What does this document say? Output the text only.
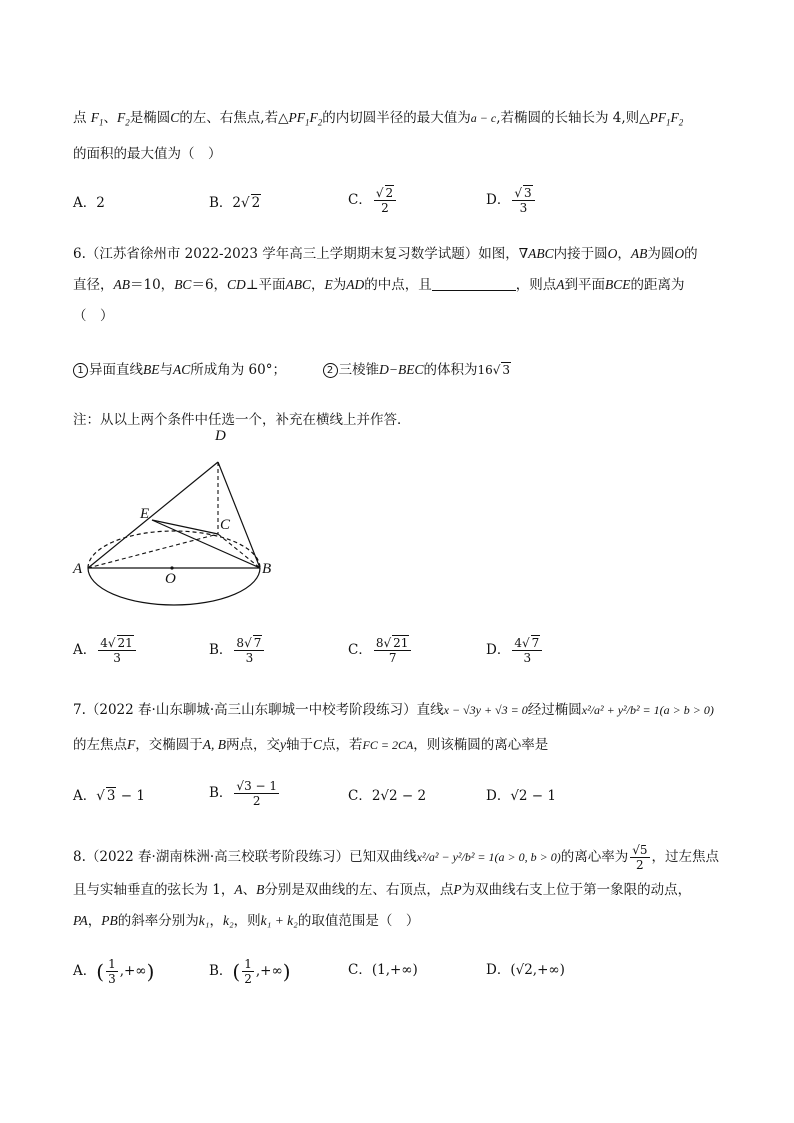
点 $F_1$、$F_2$是椭圆C的左、右焦点,若$\triangle PF_1F_2$的内切圆半径的最大值为a − c,若椭圆的长轴长为 4,则$\triangle PF_1F_2$
的面积的最大值为（　）
A．2	B．2√ 2	C． $\frac{√ 2}{2}$	D． $\frac{√ 3}{3}$
6.（江苏省徐州市 2022-2023 学年高三上学期期末复习数学试题）如图，∇ABC内接于圆O，AB为圆O的
直径，AB＝10，BC＝6，CD⊥平面ABC，E为AD的中点，且	，则点A到平面BCE的距离为
（　）
1 异面直线BE与AC所成角为 60°；	2 三棱锥D−BEC的体积为16√ 3
注：从以上两个条件中任选一个，补充在横线上并作答．
D
E
C
A
O
B
A． $\frac{4√ 21}{3}$	B． $\frac{8√ 7}{3}$	C． $\frac{8√ 21}{7}$	D． $\frac{4√ 7}{3}$
7.（2022 春·山东聊城·高三山东聊城一中校考阶段练习）直线x − √3y + √3 = 0经过椭圆x²/a² + y²/b² = 1(a > b > 0)
的左焦点F，交椭圆于A, B两点，交y轴于C点，若FC = 2CA，则该椭圆的离心率是
A．√ 3 − 1	B． $\frac{√3 - 1}{2}$	C．2√2 − 2	D．√2 − 1
8.（2022 春·湖南株洲·高三校联考阶段练习）已知双曲线x²/a² − y²/b² = 1(a > 0, b > 0)的离心率为 $\frac{√5}{2}$ ，过左焦点
且与实轴垂直的弦长为 1，A、B分别是双曲线的左、右顶点，点P为双曲线右支上位于第一象限的动点，
PA，PB的斜率分别为k₁，k₂，则k₁ + k₂的取值范围是（　）
A．( $\frac{1}{3}$ ,+∞)	B．( $\frac{1}{2}$ ,+∞)	C．(1,+∞)	D．(√2,+∞)
